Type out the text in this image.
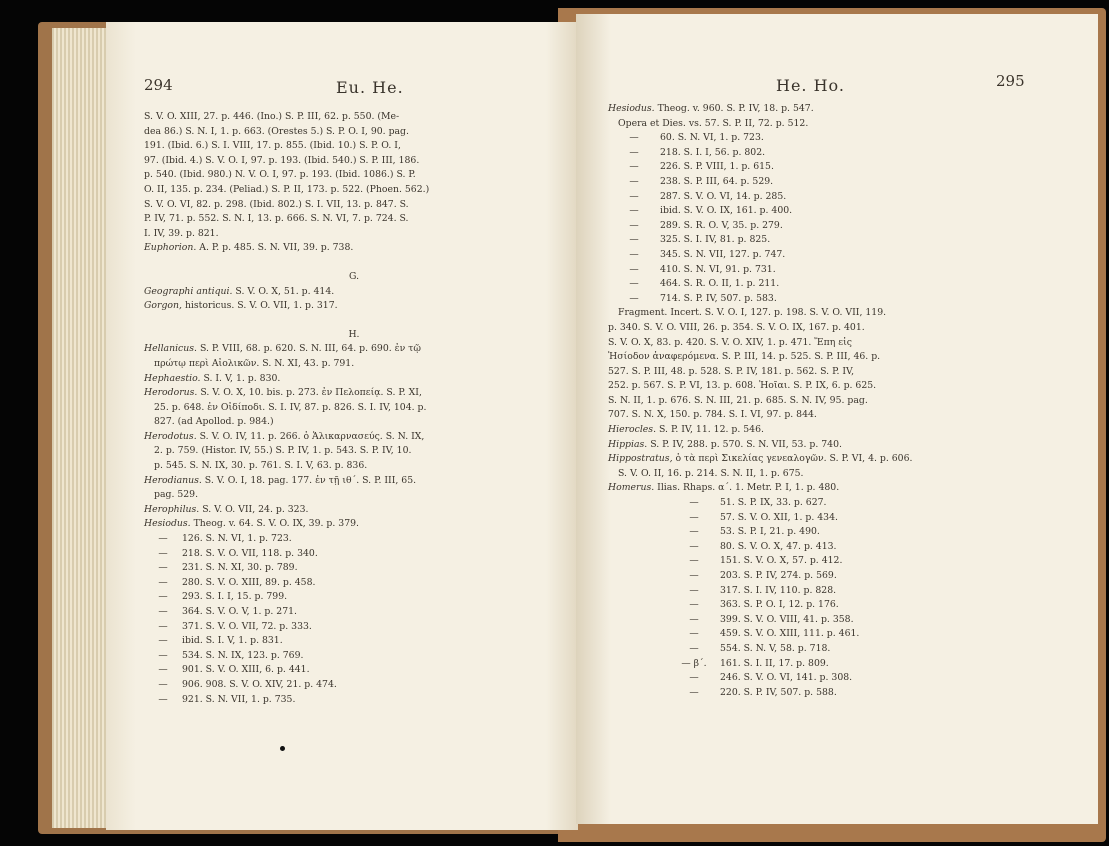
294	Eu. He.
S. V. O. XIII, 27. p. 446. (Ino.) S. P. III, 62. p. 550. (Me-
dea 86.) S. N. I, 1. p. 663. (Orestes 5.) S. P. O. I, 90. pag.
191. (Ibid. 6.) S. I. VIII, 17. p. 855. (Ibid. 10.) S. P. O. I,
97. (Ibid. 4.) S. V. O. I, 97. p. 193. (Ibid. 540.) S. P. III, 186.
p. 540. (Ibid. 980.) N. V. O. I, 97. p. 193. (Ibid. 1086.) S. P.
O. II, 135. p. 234. (Peliad.) S. P. II, 173. p. 522. (Phoen. 562.)
S. V. O. VI, 82. p. 298. (Ibid. 802.) S. I. VII, 13. p. 847. S.
P. IV, 71. p. 552. S. N. I, 13. p. 666. S. N. VI, 7. p. 724. S.
I. IV, 39. p. 821.
Euphorion. A. P. p. 485. S. N. VII, 39. p. 738.
G.
Geographi antiqui. S. V. O. X, 51. p. 414.
Gorgon, historicus. S. V. O. VII, 1. p. 317.
H.
Hellanicus. S. P. VIII, 68. p. 620. S. N. III, 64. p. 690. ἐν τῷ
πρώτῳ περὶ Αἰολικῶν. S. N. XI, 43. p. 791.
Hephaestio. S. I. V, 1. p. 830.
Herodorus. S. V. O. X, 10. bis. p. 273. ἐν Πελοπείᾳ. S. P. XI,
25. p. 648. ἐν Οἰδίποδι. S. I. IV, 87. p. 826. S. I. IV, 104. p.
827. (ad Apollod. p. 984.)
Herodotus. S. V. O. IV, 11. p. 266. ὁ Ἁλικαρνασεύς. S. N. IX,
2. p. 759. (Histor. IV, 55.) S. P. IV, 1. p. 543. S. P. IV, 10.
p. 545. S. N. IX, 30. p. 761. S. I. V, 63. p. 836.
Herodianus. S. V. O. I, 18. pag. 177. ἐν τῇ ιθ΄. S. P. III, 65.
pag. 529.
Herophilus. S. V. O. VII, 24. p. 323.
Hesiodus. Theog. v. 64. S. V. O. IX, 39. p. 379.
—	126. S. N. VI, 1. p. 723.
—	218. S. V. O. VII, 118. p. 340.
—	231. S. N. XI, 30. p. 789.
—	280. S. V. O. XIII, 89. p. 458.
—	293. S. I. I, 15. p. 799.
—	364. S. V. O. V, 1. p. 271.
—	371. S. V. O. VII, 72. p. 333.
—	ibid. S. I. V, 1. p. 831.
—	534. S. N. IX, 123. p. 769.
—	901. S. V. O. XIII, 6. p. 441.
—	906. 908. S. V. O. XIV, 21. p. 474.
—	921. S. N. VII, 1. p. 735.
He. Ho.	295
Hesiodus. Theog. v. 960. S. P. IV, 18. p. 547.
Opera et Dies. vs. 57. S. P. II, 72. p. 512.
—	60. S. N. VI, 1. p. 723.
—	218. S. I. I, 56. p. 802.
—	226. S. P. VIII, 1. p. 615.
—	238. S. P. III, 64. p. 529.
—	287. S. V. O. VI, 14. p. 285.
—	ibid. S. V. O. IX, 161. p. 400.
—	289. S. R. O. V, 35. p. 279.
—	325. S. I. IV, 81. p. 825.
—	345. S. N. VII, 127. p. 747.
—	410. S. N. VI, 91. p. 731.
—	464. S. R. O. II, 1. p. 211.
—	714. S. P. IV, 507. p. 583.
Fragment. Incert. S. V. O. I, 127. p. 198. S. V. O. VII, 119.
p. 340. S. V. O. VIII, 26. p. 354. S. V. O. IX, 167. p. 401.
S. V. O. X, 83. p. 420. S. V. O. XIV, 1. p. 471. Ἔπη εἰς
Ἡσίοδον ἀναφερόμενα. S. P. III, 14. p. 525. S. P. III, 46. p.
527. S. P. III, 48. p. 528. S. P. IV, 181. p. 562. S. P. IV,
252. p. 567. S. P. VI, 13. p. 608. Ἠοῖαι. S. P. IX, 6. p. 625.
S. N. II, 1. p. 676. S. N. III, 21. p. 685. S. N. IV, 95. pag.
707. S. N. X, 150. p. 784. S. I. VI, 97. p. 844.
Hierocles. S. P. IV, 11. 12. p. 546.
Hippias. S. P. IV, 288. p. 570. S. N. VII, 53. p. 740.
Hippostratus, ὁ τὰ περὶ Σικελίας γενεαλογῶν. S. P. VI, 4. p. 606.
S. V. O. II, 16. p. 214. S. N. II, 1. p. 675.
Homerus. Ilias. Rhaps. α΄. 1. Metr. P. I, 1. p. 480.
—	51. S. P. IX, 33. p. 627.
—	57. S. V. O. XII, 1. p. 434.
—	53. S. P. I, 21. p. 490.
—	80. S. V. O. X, 47. p. 413.
—	151. S. V. O. X, 57. p. 412.
—	203. S. P. IV, 274. p. 569.
—	317. S. I. IV, 110. p. 828.
—	363. S. P. O. I, 12. p. 176.
—	399. S. V. O. VIII, 41. p. 358.
—	459. S. V. O. XIII, 111. p. 461.
—	554. S. N. V, 58. p. 718.
— β΄.	161. S. I. II, 17. p. 809.
—	246. S. V. O. VI, 141. p. 308.
—	220. S. P. IV, 507. p. 588.
